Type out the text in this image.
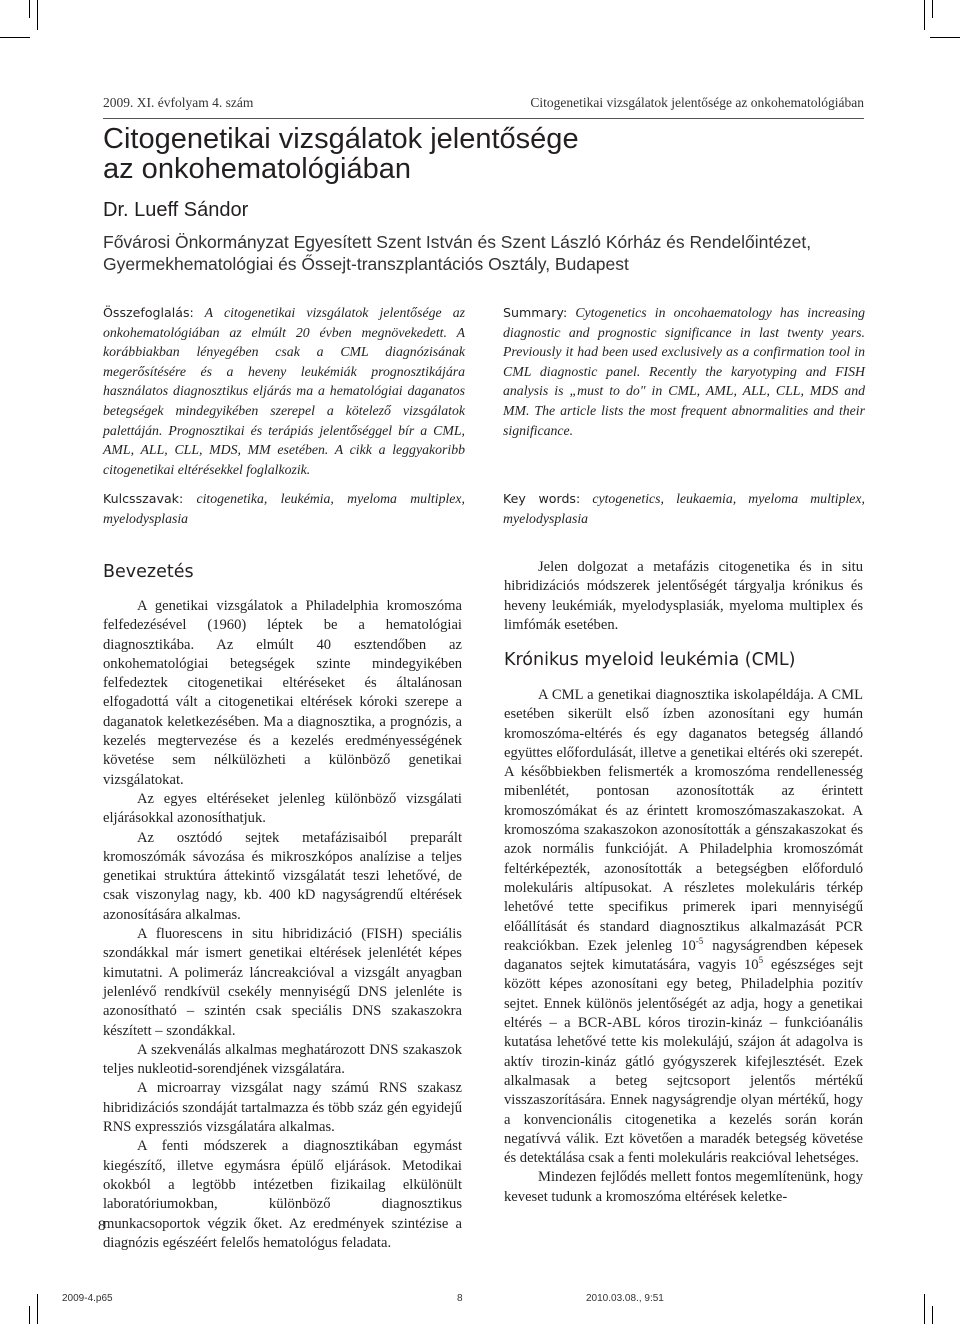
2009. XI. évfolyam 4. szám	Citogenetikai vizsgálatok jelentősége az onkohematológiában
Citogenetikai vizsgálatok jelentősége
az onkohematológiában

Dr. Lueff Sándor

Fővárosi Önkormányzat Egyesített Szent István és Szent László Kórház és Rendelőintézet,
Gyermekhematológiai és Őssejt-transzplantációs Osztály, Budapest

Összefoglalás: A citogenetikai vizsgálatok jelentősége az onkohematológiában az elmúlt 20 évben megnövekedett. A korábbiakban lényegében csak a CML diagnózisának megerősítésére és a heveny leukémiák prognosztikájára használatos diagnosztikus eljárás ma a hematológiai daganatos betegségek mindegyikében szerepel a kötelező vizsgálatok palettáján. Prognosztikai és terápiás jelentőséggel bír a CML, AML, ALL, CLL, MDS, MM esetében. A cikk a leggyakoribb citogenetikai eltérésekkel foglalkozik.

Summary: Cytogenetics in oncohaematology has increasing diagnostic and prognostic significance in last twenty years. Previously it had been used exclusively as a confirmation tool in CML diagnostic panel. Recently the karyotyping and FISH analysis is „must to do" in CML, AML, ALL, CLL, MDS and MM. The article lists the most frequent abnormalities and their significance.

Kulcsszavak: citogenetika, leukémia, myeloma multiplex, myelodysplasia

Key words: cytogenetics, leukaemia, myeloma multiplex, myelodysplasia

Bevezetés

A genetikai vizsgálatok a Philadelphia kromoszóma felfedezésével (1960) léptek be a hematológiai diagnosztikába. Az elmúlt 40 esztendőben az onkohematológiai betegségek szinte mindegyikében felfedeztek citogenetikai eltéréseket és általánosan elfogadottá vált a citogenetikai eltérések kóroki szerepe a daganatok keletkezésében. Ma a diagnosztika, a prognózis, a kezelés megtervezése és a kezelés eredményességének követése sem nélkülözheti a különböző genetikai vizsgálatokat.

Az egyes eltéréseket jelenleg különböző vizsgálati eljárásokkal azonosíthatjuk.

Az osztódó sejtek metafázisaiból preparált kromoszómák sávozása és mikroszkópos analízise a teljes genetikai struktúra áttekintő vizsgálatát teszi lehetővé, de csak viszonylag nagy, kb. 400 kD nagyságrendű eltérések azonosítására alkalmas.

A fluorescens in situ hibridizáció (FISH) speciális szondákkal már ismert genetikai eltérések jelenlétét képes kimutatni. A polimeráz láncreakcióval a vizsgált anyagban jelenlévő rendkívül csekély mennyiségű DNS jelenléte is azonosítható – szintén csak speciális DNS szakaszokra készített – szondákkal.

A szekvenálás alkalmas meghatározott DNS szakaszok teljes nukleotid-sorendjének vizsgálatára.

A microarray vizsgálat nagy számú RNS szakasz hibridizációs szondáját tartalmazza és több száz gén egyidejű RNS expressziós vizsgálatára alkalmas.

A fenti módszerek a diagnosztikában egymást kiegészítő, illetve egymásra épülő eljárások. Metodikai okokból a legtöbb intézetben fizikailag elkülönült laboratóriumokban, különböző diagnosztikus munkacsoportok végzik őket. Az eredmények szintézise a diagnózis egészéért felelős hematológus feladata.

Jelen dolgozat a metafázis citogenetika és in situ hibridizációs módszerek jelentőségét tárgyalja krónikus és heveny leukémiák, myelodysplasiák, myeloma multiplex és limfómák esetében.

Krónikus myeloid leukémia (CML)

A CML a genetikai diagnosztika iskolapéldája. A CML esetében sikerült első ízben azonosítani egy humán kromoszóma-eltérés és egy daganatos betegség állandó együttes előfordulását, illetve a genetikai eltérés oki szerepét. A későbbiekben felismerték a kromoszóma rendellenesség mibenlétét, pontosan azonosították az érintett kromoszómákat és az érintett kromoszómaszakaszokat. A kromoszóma szakaszokon azonosították a génszakaszokat és azok normális funkcióját. A Philadelphia kromoszómát feltérképezték, azonosították a betegségben előforduló molekuláris altípusokat. A részletes molekuláris térkép lehetővé tette specifikus primerek ipari mennyiségű előállítását és standard diagnosztikus alkalmazását PCR reakciókban. Ezek jelenleg $10^{-5}$ nagyságrendben képesek daganatos sejtek kimutatására, vagyis $10^5$ egészséges sejt között képes azonosítani egy beteg, Philadelphia pozitív sejtet. Ennek különös jelentőségét az adja, hogy a genetikai eltérés – a BCR-ABL kóros tirozin-kináz – funkcióanális kutatása lehetővé tette kis molekulájú, szájon át adagolva is aktív tirozin-kináz gátló gyógyszerek kifejlesztését. Ezek alkalmasak a beteg sejtcsoport jelentős mértékű visszaszorítására. Ennek nagyságrendje olyan mértékű, hogy a konvencionális citogenetika a kezelés során korán negatívvá válik. Ezt követően a maradék betegség követése és detektálása csak a fenti molekuláris reakcióval lehetséges.

Mindezen fejlődés mellett fontos megemlítenünk, hogy keveset tudunk a kromoszóma eltérések keletke-

8
2009-4.p65	8	2010.03.08., 9:51
